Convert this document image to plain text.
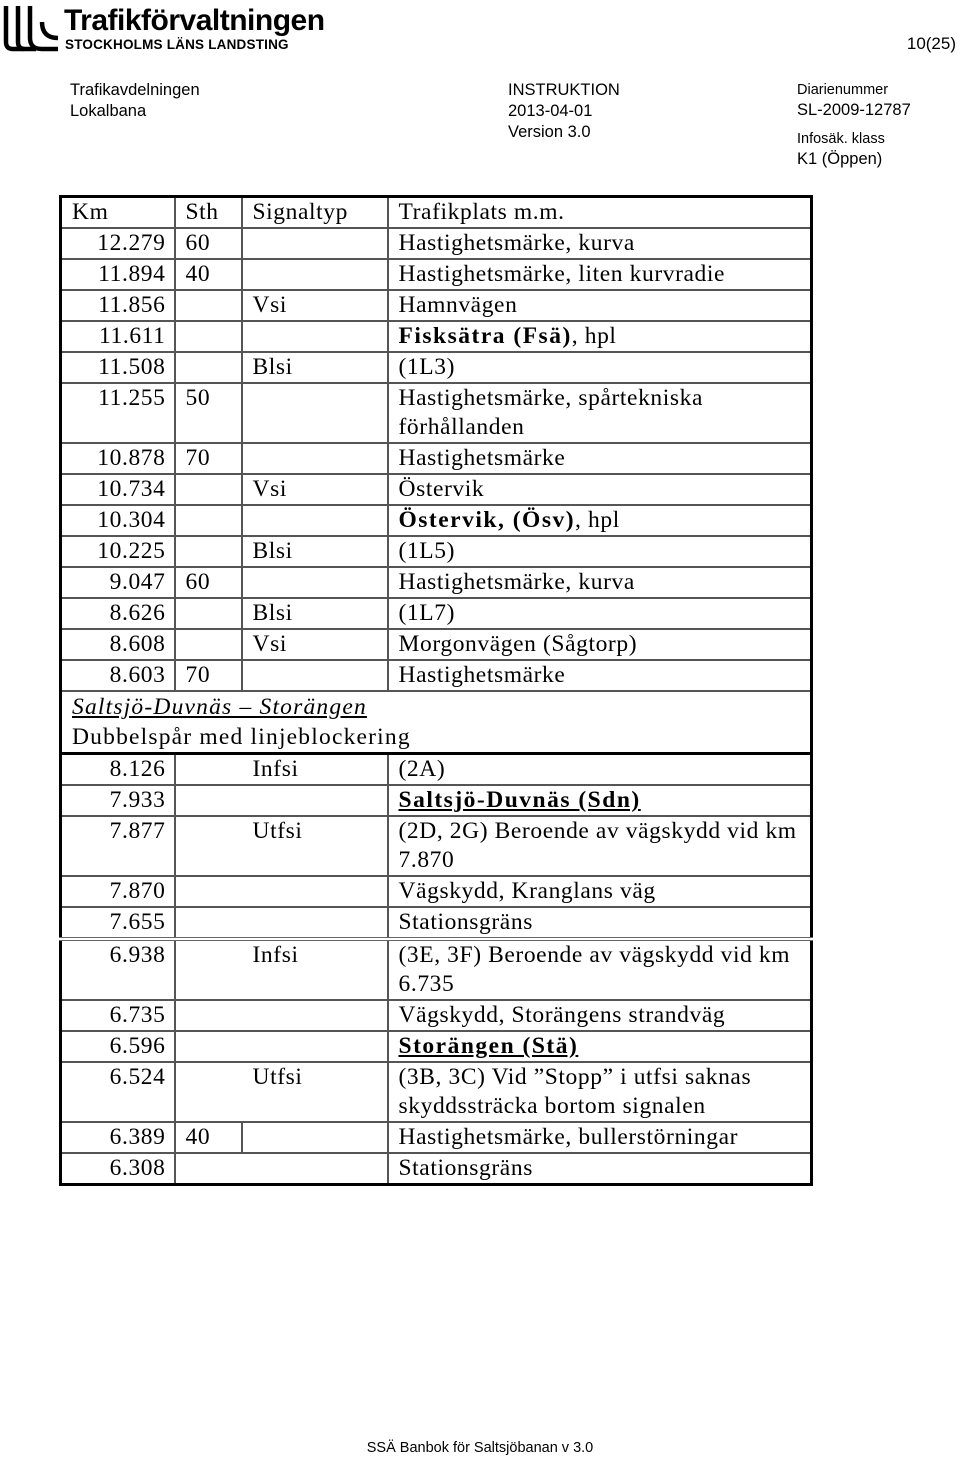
Trafikförvaltningen
STOCKHOLMS LÄNS LANDSTING	10(25)
Trafikavdelningen
Lokalbana
INSTRUKTION
2013-04-01
Version 3.0
Diarienummer
SL-2009-12787
Infosäk. klass
K1 (Öppen)
Km	Sth	Signaltyp	Trafikplats m.m.
12.279	60		Hastighetsmärke, kurva
11.894	40		Hastighetsmärke, liten kurvradie
11.856		Vsi	Hamnvägen
11.611			Fisksätra (Fsä), hpl
11.508		Blsi	(1L3)
11.255	50		Hastighetsmärke, spårtekniska förhållanden
10.878	70		Hastighetsmärke
10.734		Vsi	Östervik
10.304			Östervik, (Ösv), hpl
10.225		Blsi	(1L5)
9.047	60		Hastighetsmärke, kurva
8.626		Blsi	(1L7)
8.608		Vsi	Morgonvägen (Sågtorp)
8.603	70		Hastighetsmärke
Saltsjö-Duvnäs – Storängen
Dubbelspår med linjeblockering			

8.126	Infsi		(2A)
7.933			Saltsjö-Duvnäs (Sdn)
7.877	Utfsi		(2D, 2G) Beroende av vägskydd vid km 7.870
7.870			Vägskydd, Kranglans väg
7.655			Stationsgräns
6.938	Infsi		(3E, 3F) Beroende av vägskydd vid km 6.735
6.735			Vägskydd, Storängens strandväg
6.596			Storängen (Stä)
6.524	Utfsi		(3B, 3C) Vid ”Stopp” i utfsi saknas skyddssträcka bortom signalen
6.389	40		Hastighetsmärke, bullerstörningar
6.308			Stationsgräns
SSÄ Banbok för Saltsjöbanan v 3.0
